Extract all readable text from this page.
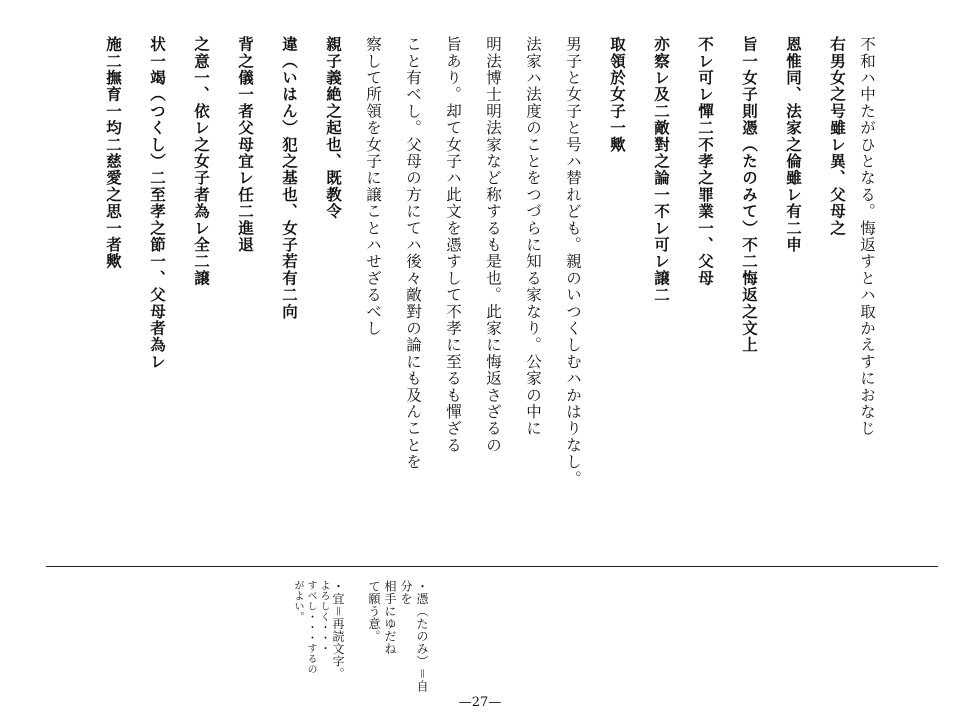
不和ハ中たがひとなる。悔返すとハ取かえすにおなじ

右男女之号雖レ異、父母之

恩惟同、法家之倫雖レ有二申

旨一女子則憑（たのみて）不二悔返之文上

不レ可レ憚二不孝之罪業一、父母

亦察レ及二敵對之論一不レ可レ譲二

取領於女子一歟

男子と女子と号ハ替れども。親のいつくしむハかはりなし。

法家ハ法度のことをつづらに知る家なり。公家の中に

明法博士明法家など称するも是也。此家に悔返さざるの

旨あり。却て女子ハ此文を憑すして不孝に至るも憚ざる

こと有べし。父母の方にてハ後々敵對の論にも及んことを

察して所領を女子に譲ことハせざるべし

親子義絶之起也、既教令

違（いはん）犯之基也、女子若有二向

背之儀一者父母宜レ任二進退

之意一、依レ之女子者為レ全二譲

状一竭（つくし）二至孝之節一、父母者為レ

施二撫育一均二慈愛之思一者歟

・憑（たのみ）＝自分を

相手にゆだね

て願う意。

・宜＝再読文字。

よろしく・・・

すべし・・・するの

がよい。

—27—
